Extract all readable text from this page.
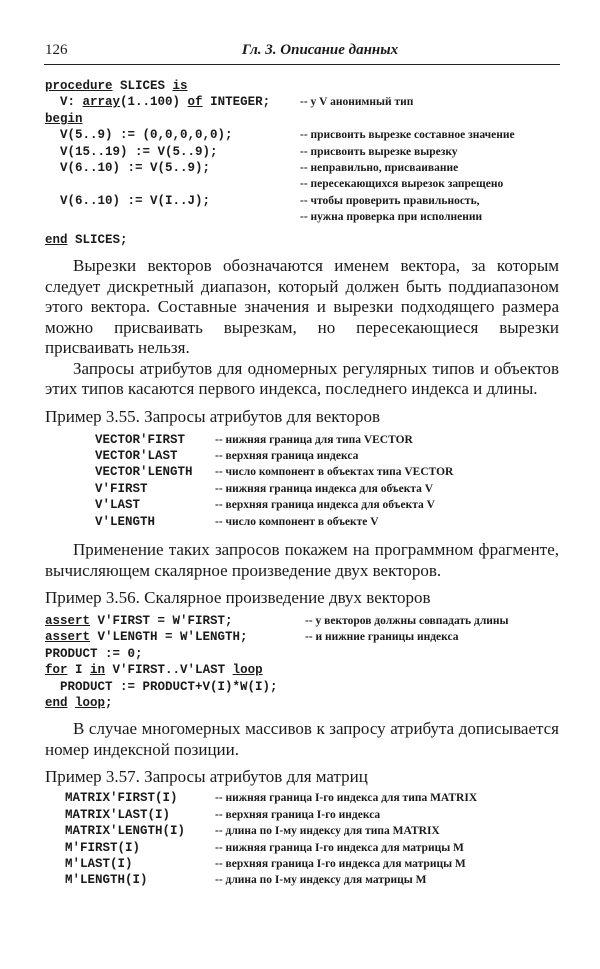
126	Гл. 3. Описание данных
procedure SLICES is
V: array(1..100) of INTEGER;	-- у V анонимный тип
begin
V(5..9) := (0,0,0,0,0);	-- присвоить вырезке составное значение
V(15..19) := V(5..9);	-- присвоить вырезке вырезку
V(6..10) := V(5..9);	-- неправильно, присваивание
-- пересекающихся вырезок запрещено
V(6..10) := V(I..J);	-- чтобы проверить правильность,
-- нужна проверка при исполнении
end SLICES;

Вырезки векторов обозначаются именем вектора, за которым следует дискретный диапазон, который должен быть поддиапазоном этого вектора. Составные значения и вырезки подходящего размера можно присваивать вырезкам, но пересекающиеся вырезки присваивать нельзя.

Запросы атрибутов для одномерных регулярных типов и объектов этих типов касаются первого индекса, последнего индекса и длины.

Пример 3.55. Запросы атрибутов для векторов
VECTOR'FIRST	-- нижняя граница для типа VECTOR
VECTOR'LAST	-- верхняя граница индекса
VECTOR'LENGTH	-- число компонент в объектах типа VECTOR
V'FIRST	-- нижняя граница индекса для объекта V
V'LAST	-- верхняя граница индекса для объекта V
V'LENGTH	-- число компонент в объекте V

Применение таких запросов покажем на программном фрагменте, вычисляющем скалярное произведение двух векторов.

Пример 3.56. Скалярное произведение двух векторов
assert V'FIRST = W'FIRST;	-- у векторов должны совпадать длины
assert V'LENGTH = W'LENGTH;	-- и нижние границы индекса
PRODUCT := 0;
for I in V'FIRST..V'LAST loop
PRODUCT := PRODUCT+V(I)*W(I);
end loop;

В случае многомерных массивов к запросу атрибута дописывается номер индексной позиции.

Пример 3.57. Запросы атрибутов для матриц
MATRIX'FIRST(I)	-- нижняя граница I-го индекса для типа MATRIX
MATRIX'LAST(I)	-- верхняя граница I-го индекса
MATRIX'LENGTH(I)	-- длина по I-му индексу для типа MATRIX
M'FIRST(I)	-- нижняя граница I-го индекса для матрицы M
M'LAST(I)	-- верхняя граница I-го индекса для матрицы M
M'LENGTH(I)	-- длина по I-му индексу для матрицы M
